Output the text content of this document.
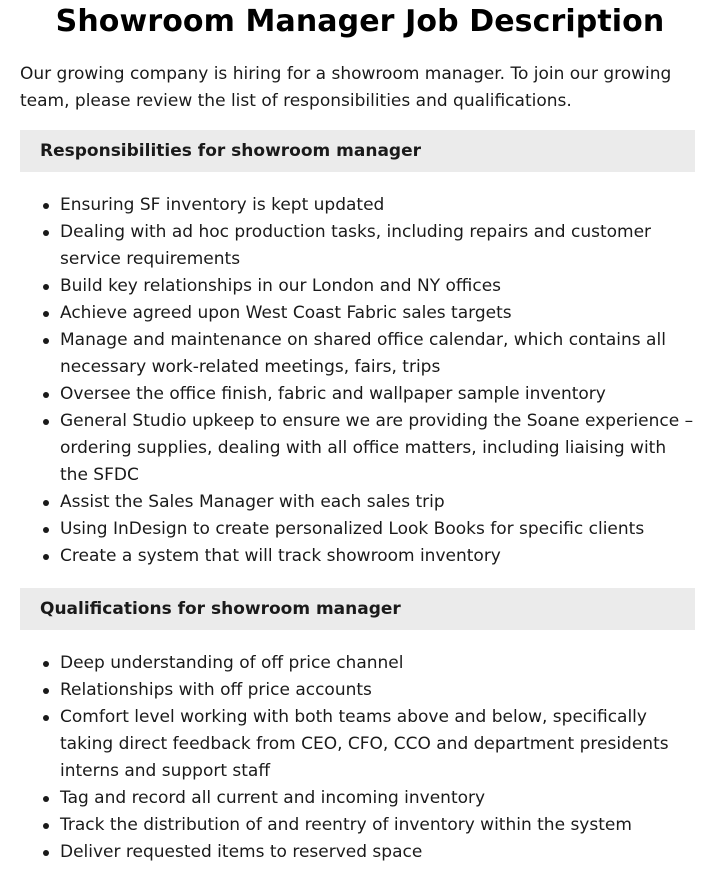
Showroom Manager Job Description

Our growing company is hiring for a showroom manager. To join our growing team, please review the list of responsibilities and qualifications.

Responsibilities for showroom manager
Ensuring SF inventory is kept updated
Dealing with ad hoc production tasks, including repairs and customer service requirements
Build key relationships in our London and NY offices
Achieve agreed upon West Coast Fabric sales targets
Manage and maintenance on shared office calendar, which contains all necessary work-related meetings, fairs, trips
Oversee the office finish, fabric and wallpaper sample inventory
General Studio upkeep to ensure we are providing the Soane experience – ordering supplies, dealing with all office matters, including liaising with the SFDC
Assist the Sales Manager with each sales trip
Using InDesign to create personalized Look Books for specific clients
Create a system that will track showroom inventory
Qualifications for showroom manager
Deep understanding of off price channel
Relationships with off price accounts
Comfort level working with both teams above and below, specifically taking direct feedback from CEO, CFO, CCO and department presidents interns and support staff
Tag and record all current and incoming inventory
Track the distribution of and reentry of inventory within the system
Deliver requested items to reserved space
